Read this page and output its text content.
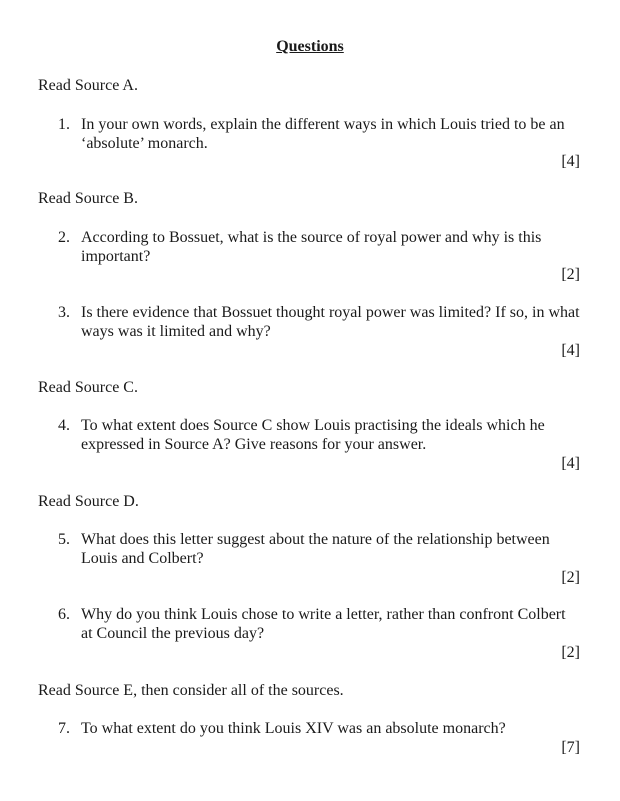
Questions
Read Source A.
1. In your own words, explain the different ways in which Louis tried to be an ‘absolute’ monarch.
[4]
Read Source B.
2. According to Bossuet, what is the source of royal power and why is this important?
[2]
3. Is there evidence that Bossuet thought royal power was limited? If so, in what ways was it limited and why?
[4]
Read Source C.
4. To what extent does Source C show Louis practising the ideals which he expressed in Source A? Give reasons for your answer.
[4]
Read Source D.
5. What does this letter suggest about the nature of the relationship between Louis and Colbert?
[2]
6. Why do you think Louis chose to write a letter, rather than confront Colbert at Council the previous day?
[2]
Read Source E, then consider all of the sources.
7. To what extent do you think Louis XIV was an absolute monarch?
[7]
